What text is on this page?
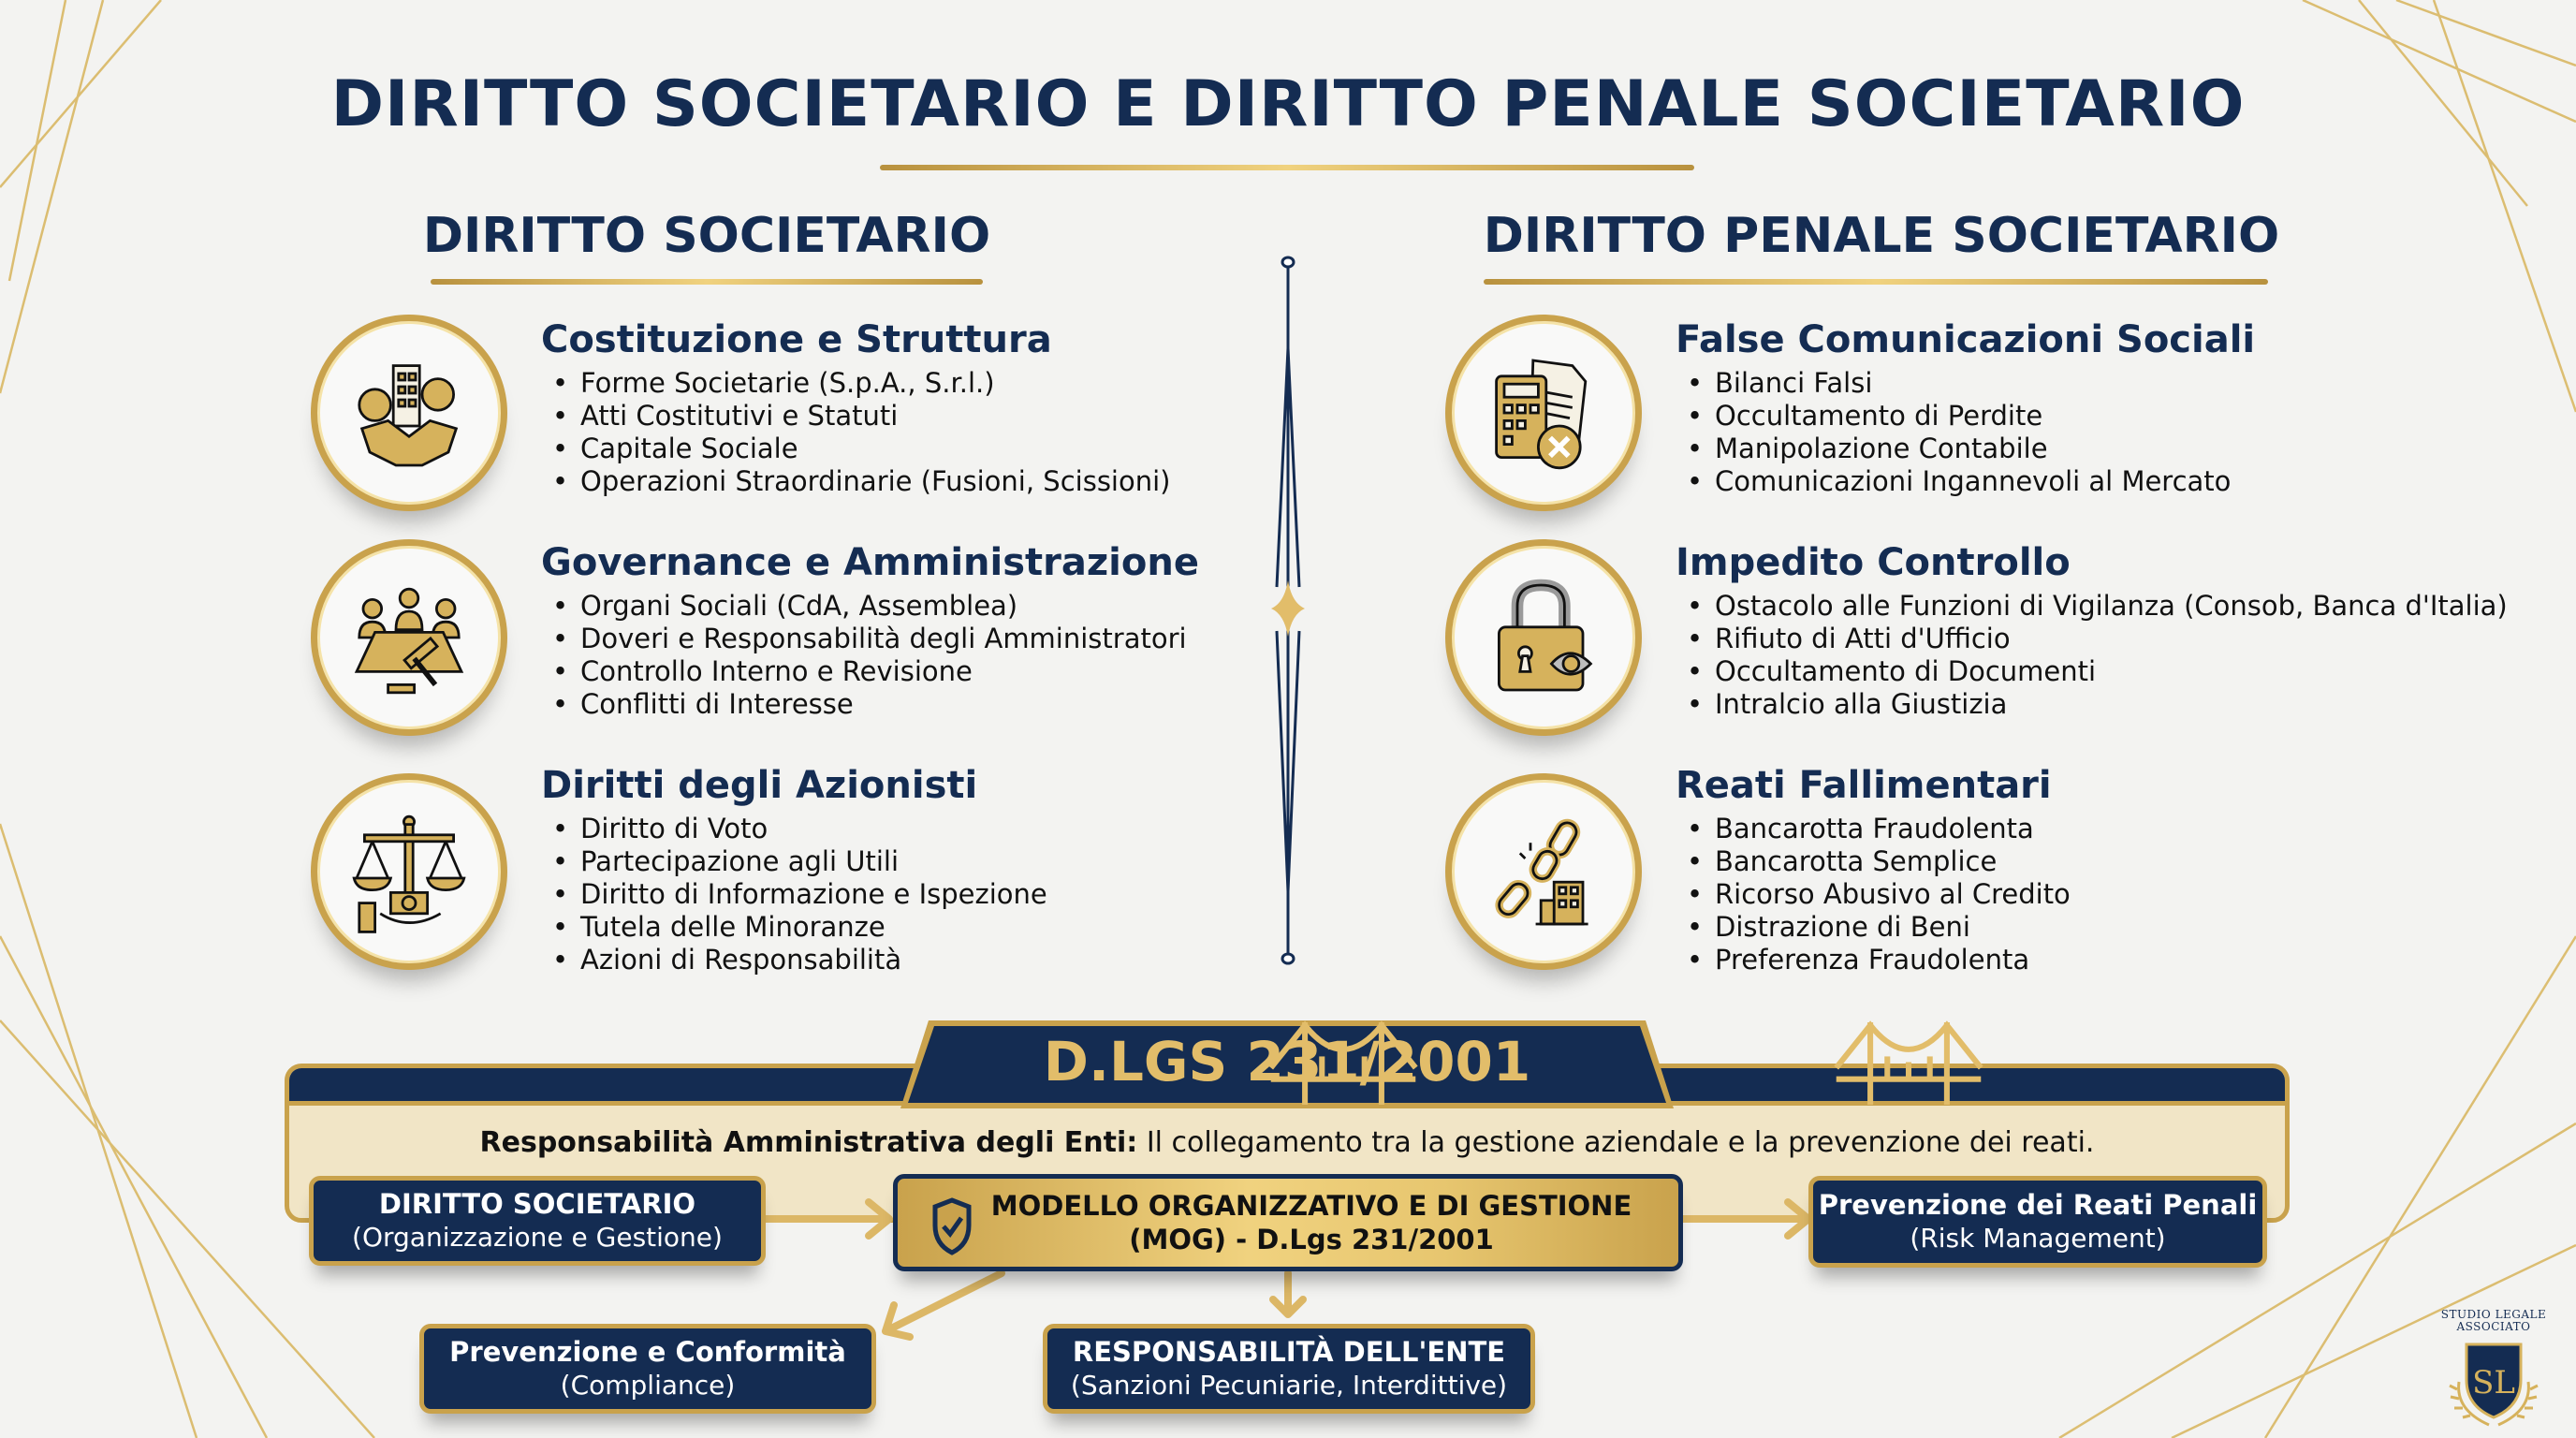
DIRITTO SOCIETARIO E DIRITTO PENALE SOCIETARIO
DIRITTO SOCIETARIO	DIRITTO PENALE SOCIETARIO
Costituzione e Struttura
• Forme Societarie (S.p.A., S.r.l.)
• Atti Costitutivi e Statuti
• Capitale Sociale
• Operazioni Straordinarie (Fusioni, Scissioni)
Governance e Amministrazione
• Organi Sociali (CdA, Assemblea)
• Doveri e Responsabilità degli Amministratori
• Controllo Interno e Revisione
• Conflitti di Interesse
Diritti degli Azionisti
• Diritto di Voto
• Partecipazione agli Utili
• Diritto di Informazione e Ispezione
• Tutela delle Minoranze
• Azioni di Responsabilità
False Comunicazioni Sociali
• Bilanci Falsi
• Occultamento di Perdite
• Manipolazione Contabile
• Comunicazioni Ingannevoli al Mercato
Impedito Controllo
• Ostacolo alle Funzioni di Vigilanza (Consob, Banca d'Italia)
• Rifiuto di Atti d'Ufficio
• Occultamento di Documenti
• Intralcio alla Giustizia
Reati Fallimentari
• Bancarotta Fraudolenta
• Bancarotta Semplice
• Ricorso Abusivo al Credito
• Distrazione di Beni
• Preferenza Fraudolenta
Responsabilità Amministrativa degli Enti: Il collegamento tra la gestione aziendale e la prevenzione dei reati.
D.LGS 231/2001
DIRITTO SOCIETARIO
(Organizzazione e Gestione)
MODELLO ORGANIZZATIVO E DI GESTIONE
(MOG) - D.Lgs 231/2001
Prevenzione dei Reati Penali
(Risk Management)
Prevenzione e Conformità
(Compliance)
RESPONSABILITÀ DELL'ENTE
(Sanzioni Pecuniarie, Interdittive)
STUDIO LEGALE
ASSOCIATO
SL
